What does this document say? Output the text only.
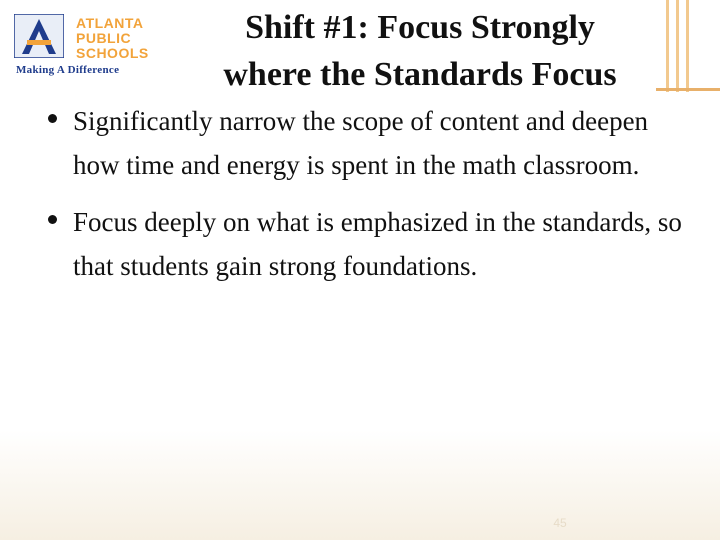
ATLANTA
PUBLIC
SCHOOLS
Making A Difference
Shift #1: Focus Strongly
where the Standards Focus
Significantly narrow the scope of content and deepen how time and energy is spent in the math classroom.
Focus deeply on what is emphasized in the standards, so that students gain strong foundations.
45
